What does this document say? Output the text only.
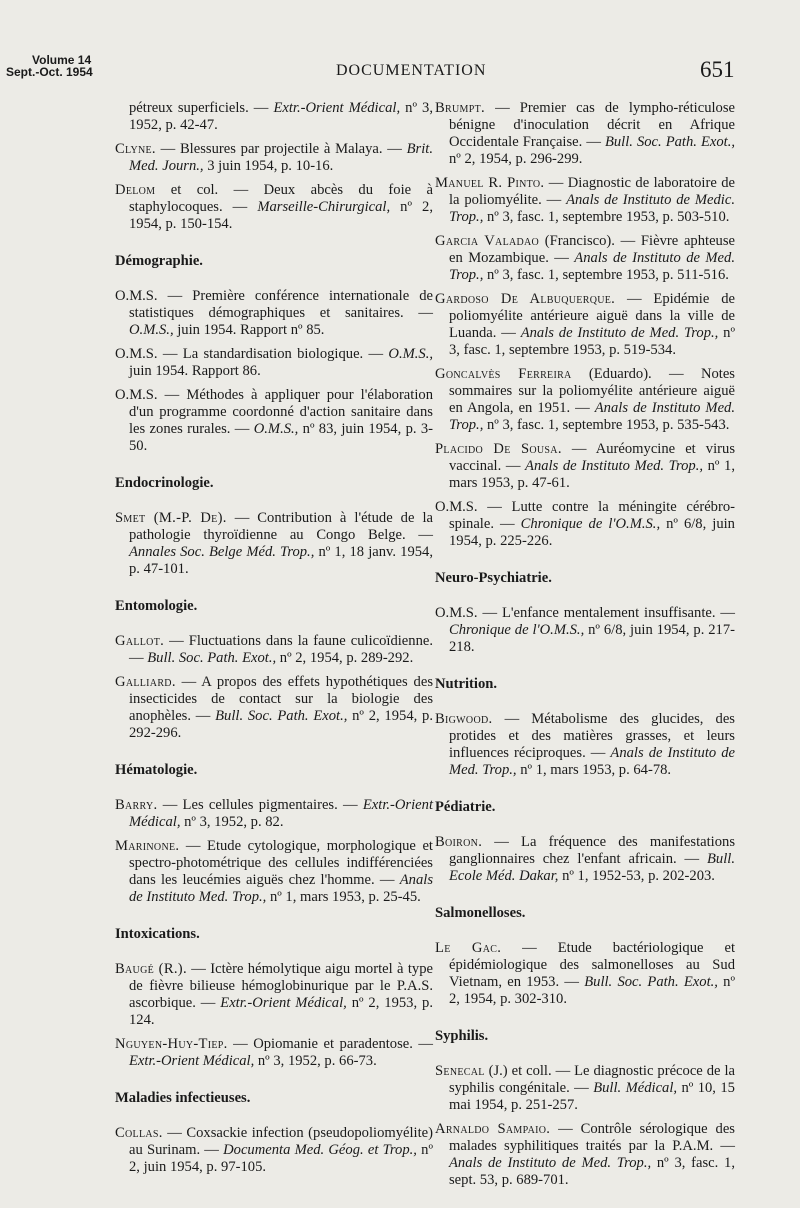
Volume 14
Sept.-Oct. 1954	DOCUMENTATION	651

pétreux superficiels. — Extr.-Orient Médical, nº 3, 1952, p. 42-47.

Clyne. — Blessures par projectile à Malaya. — Brit. Med. Journ., 3 juin 1954, p. 10-16.

Delom et col. — Deux abcès du foie à staphylocoques. — Marseille-Chirurgical, nº 2, 1954, p. 150-154.

Démographie.

O.M.S. — Première conférence internationale de statistiques démographiques et sanitaires. — O.M.S., juin 1954. Rapport nº 85.

O.M.S. — La standardisation biologique. — O.M.S., juin 1954. Rapport 86.

O.M.S. — Méthodes à appliquer pour l'élaboration d'un programme coordonné d'action sanitaire dans les zones rurales. — O.M.S., nº 83, juin 1954, p. 3-50.

Endocrinologie.

Smet (M.-P. De). — Contribution à l'étude de la pathologie thyroïdienne au Congo Belge. — Annales Soc. Belge Méd. Trop., nº 1, 18 janv. 1954, p. 47-101.

Entomologie.

Gallot. — Fluctuations dans la faune culicoïdienne. — Bull. Soc. Path. Exot., nº 2, 1954, p. 289-292.

Galliard. — A propos des effets hypothétiques des insecticides de contact sur la biologie des anophèles. — Bull. Soc. Path. Exot., nº 2, 1954, p. 292-296.

Hématologie.

Barry. — Les cellules pigmentaires. — Extr.-Orient Médical, nº 3, 1952, p. 82.

Marinone. — Etude cytologique, morphologique et spectro-photométrique des cellules indifférenciées dans les leucémies aiguës chez l'homme. — Anals de Instituto Med. Trop., nº 1, mars 1953, p. 25-45.

Intoxications.

Baugé (R.). — Ictère hémolytique aigu mortel à type de fièvre bilieuse hémoglobinurique par le P.A.S. ascorbique. — Extr.-Orient Médical, nº 2, 1953, p. 124.

Nguyen-Huy-Tiep. — Opiomanie et paradentose. — Extr.-Orient Médical, nº 3, 1952, p. 66-73.

Maladies infectieuses.

Collas. — Coxsackie infection (pseudopoliomyélite) au Surinam. — Documenta Med. Géog. et Trop., nº 2, juin 1954, p. 97-105.

Brumpt. — Premier cas de lympho-réticulose bénigne d'inoculation décrit en Afrique Occidentale Française. — Bull. Soc. Path. Exot., nº 2, 1954, p. 296-299.

Manuel R. Pinto. — Diagnostic de laboratoire de la poliomyélite. — Anals de Instituto de Medic. Trop., nº 3, fasc. 1, septembre 1953, p. 503-510.

Garcia Valadao (Francisco). — Fièvre aphteuse en Mozambique. — Anals de Instituto de Med. Trop., nº 3, fasc. 1, septembre 1953, p. 511-516.

Gardoso De Albuquerque. — Epidémie de poliomyélite antérieure aiguë dans la ville de Luanda. — Anals de Instituto de Med. Trop., nº 3, fasc. 1, septembre 1953, p. 519-534.

Goncalvès Ferreira (Eduardo). — Notes sommaires sur la poliomyélite antérieure aiguë en Angola, en 1951. — Anals de Instituto Med. Trop., nº 3, fasc. 1, septembre 1953, p. 535-543.

Placido De Sousa. — Auréomycine et virus vaccinal. — Anals de Instituto Med. Trop., nº 1, mars 1953, p. 47-61.

O.M.S. — Lutte contre la méningite cérébro-spinale. — Chronique de l'O.M.S., nº 6/8, juin 1954, p. 225-226.

Neuro-Psychiatrie.

O.M.S. — L'enfance mentalement insuffisante. — Chronique de l'O.M.S., nº 6/8, juin 1954, p. 217-218.

Nutrition.

Bigwood. — Métabolisme des glucides, des protides et des matières grasses, et leurs influences réciproques. — Anals de Instituto de Med. Trop., nº 1, mars 1953, p. 64-78.

Pédiatrie.

Boiron. — La fréquence des manifestations ganglionnaires chez l'enfant africain. — Bull. Ecole Méd. Dakar, nº 1, 1952-53, p. 202-203.

Salmonelloses.

Le Gac. — Etude bactériologique et épidémiologique des salmonelloses au Sud Vietnam, en 1953. — Bull. Soc. Path. Exot., nº 2, 1954, p. 302-310.

Syphilis.

Senecal (J.) et coll. — Le diagnostic précoce de la syphilis congénitale. — Bull. Médical, nº 10, 15 mai 1954, p. 251-257.

Arnaldo Sampaio. — Contrôle sérologique des malades syphilitiques traités par la P.A.M. — Anals de Instituto de Med. Trop., nº 3, fasc. 1, sept. 53, p. 689-701.
